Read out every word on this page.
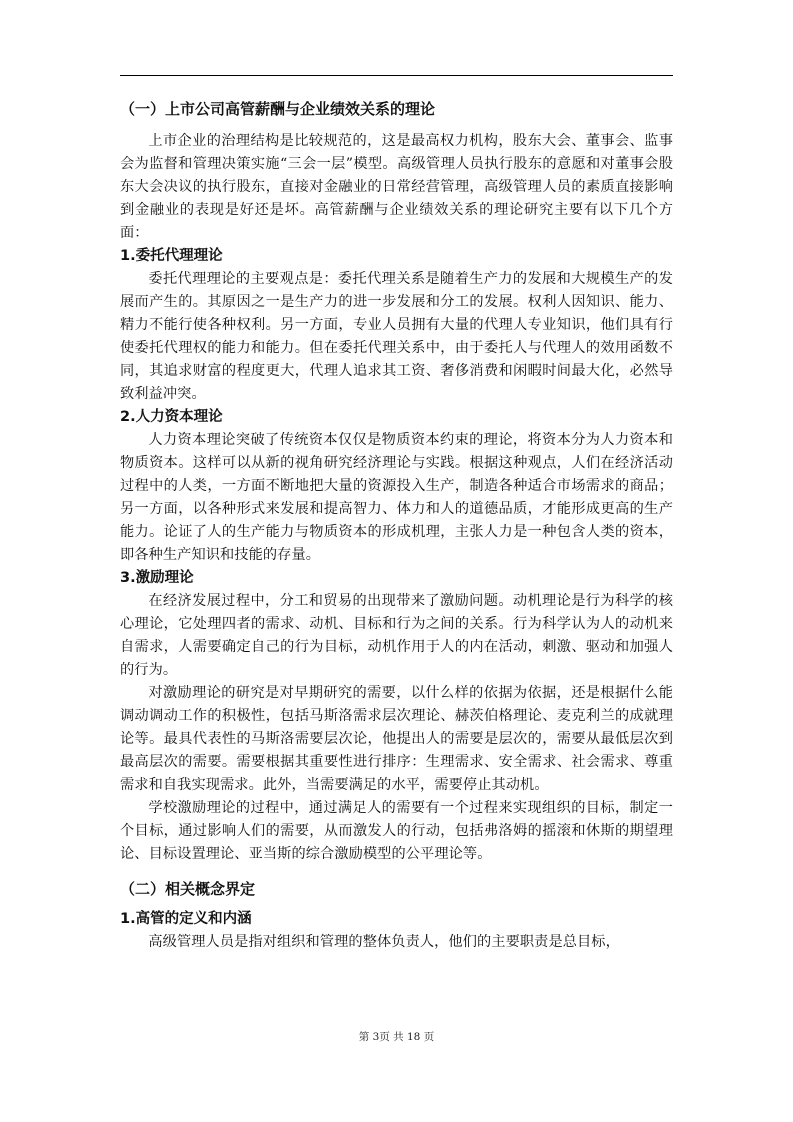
（一）上市公司高管薪酬与企业绩效关系的理论

上市企业的治理结构是比较规范的，这是最高权力机构，股东大会、董事会、监事会为监督和管理决策实施“三会一层”模型。高级管理人员执行股东的意愿和对董事会股东大会决议的执行股东，直接对金融业的日常经营管理，高级管理人员的素质直接影响到金融业的表现是好还是坏。高管薪酬与企业绩效关系的理论研究主要有以下几个方面：

1.委托代理理论

委托代理理论的主要观点是：委托代理关系是随着生产力的发展和大规模生产的发展而产生的。其原因之一是生产力的进一步发展和分工的发展。权利人因知识、能力、精力不能行使各种权利。另一方面，专业人员拥有大量的代理人专业知识，他们具有行使委托代理权的能力和能力。但在委托代理关系中，由于委托人与代理人的效用函数不同，其追求财富的程度更大，代理人追求其工资、奢侈消费和闲暇时间最大化，必然导致利益冲突。

2.人力资本理论

人力资本理论突破了传统资本仅仅是物质资本约束的理论，将资本分为人力资本和物质资本。这样可以从新的视角研究经济理论与实践。根据这种观点，人们在经济活动过程中的人类，一方面不断地把大量的资源投入生产，制造各种适合市场需求的商品；另一方面，以各种形式来发展和提高智力、体力和人的道德品质，才能形成更高的生产能力。论证了人的生产能力与物质资本的形成机理，主张人力是一种包含人类的资本，即各种生产知识和技能的存量。

3.激励理论

在经济发展过程中，分工和贸易的出现带来了激励问题。动机理论是行为科学的核心理论，它处理四者的需求、动机、目标和行为之间的关系。行为科学认为人的动机来自需求，人需要确定自己的行为目标，动机作用于人的内在活动，刺激、驱动和加强人的行为。

对激励理论的研究是对早期研究的需要，以什么样的依据为依据，还是根据什么能调动调动工作的积极性，包括马斯洛需求层次理论、赫茨伯格理论、麦克利兰的成就理论等。最具代表性的马斯洛需要层次论，他提出人的需要是层次的，需要从最低层次到最高层次的需要。需要根据其重要性进行排序：生理需求、安全需求、社会需求、尊重需求和自我实现需求。此外，当需要满足的水平，需要停止其动机。

学校激励理论的过程中，通过满足人的需要有一个过程来实现组织的目标，制定一个目标，通过影响人们的需要，从而激发人的行动，包括弗洛姆的摇滚和休斯的期望理论、目标设置理论、亚当斯的综合激励模型的公平理论等。

（二）相关概念界定
1.高管的定义和内涵

高级管理人员是指对组织和管理的整体负责人，他们的主要职责是总目标，

第 3页 共 18 页
